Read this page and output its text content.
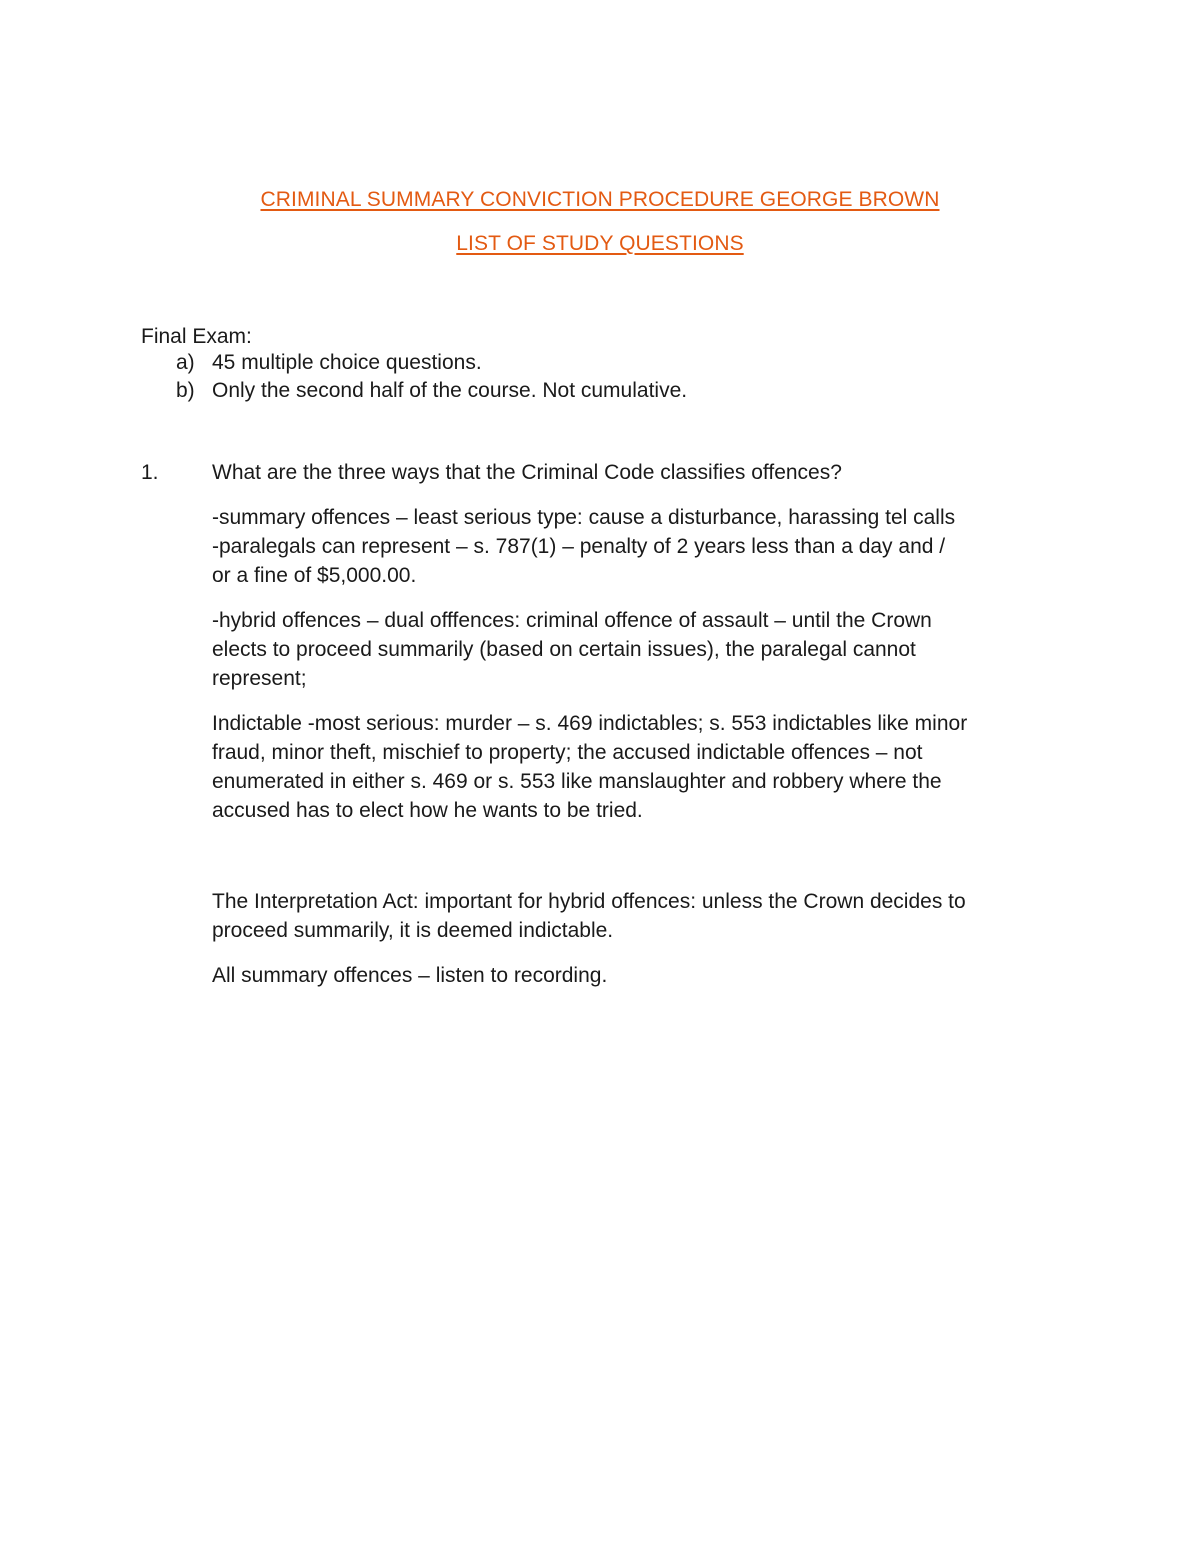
CRIMINAL SUMMARY CONVICTION PROCEDURE GEORGE BROWN
LIST OF STUDY QUESTIONS
Final Exam:
a) 45 multiple choice questions.
b) Only the second half of the course. Not cumulative.
1.	What are the three ways that the Criminal Code classifies offences?

-summary offences – least serious type: cause a disturbance, harassing tel calls
-paralegals can represent – s. 787(1) – penalty of 2 years less than a day and /
or a fine of $5,000.00.

-hybrid offences – dual offfences: criminal offence of assault – until the Crown
elects to proceed summarily (based on certain issues), the paralegal cannot
represent;

Indictable -most serious: murder – s. 469 indictables; s. 553 indictables like minor
fraud, minor theft, mischief to property; the accused indictable offences – not
enumerated in either s. 469 or s. 553 like manslaughter and robbery where the
accused has to elect how he wants to be tried.

The Interpretation Act: important for hybrid offences: unless the Crown decides to
proceed summarily, it is deemed indictable.

All summary offences – listen to recording.
